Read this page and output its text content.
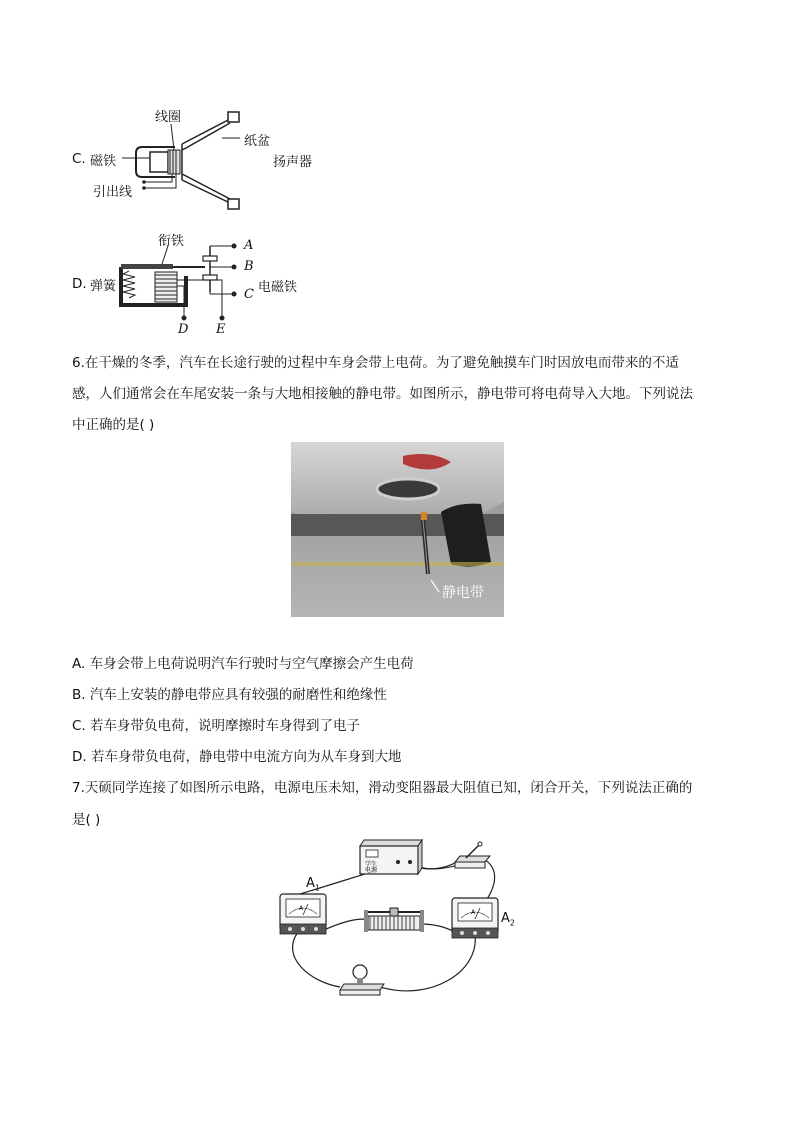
线圈
纸盆
扬声器
C. 磁铁
引出线
衔铁
D. 弹簧	电磁铁
A
B
C
D E
6.在干燥的冬季，汽车在长途行驶的过程中车身会带上电荷。为了避免触摸车门时因放电而带来的不适
感，人们通常会在车尾安装一条与大地相接触的静电带。如图所示，静电带可将电荷导入大地。下列说法
中正确的是( )
静电带
A. 车身会带上电荷说明汽车行驶时与空气摩擦会产生电荷
B. 汽车上安装的静电带应具有较强的耐磨性和绝缘性
C. 若车身带负电荷，说明摩擦时车身得到了电子
D. 若车身带负电荷，静电带中电流方向为从车身到大地
7.天硕同学连接了如图所示电路，电源电压未知，滑动变阻器最大阻值已知，闭合开关，下列说法正确的
是( )
学生
电源
A
A
$A_1$
$A_2$
